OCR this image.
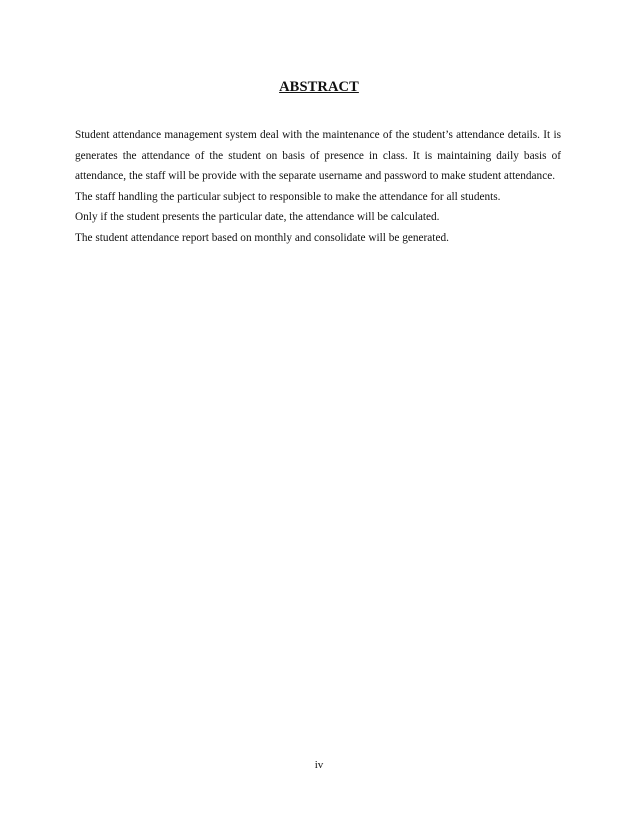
ABSTRACT

Student attendance management system deal with the maintenance of the student’s attendance details. It is generates the attendance of the student on basis of presence in class. It is maintaining daily basis of attendance, the staff will be provide with the separate username and password to make student attendance.

The staff handling the particular subject to responsible to make the attendance for all students.

Only if the student presents the particular date, the attendance will be calculated.

The student attendance report based on monthly and consolidate will be generated.

iv
